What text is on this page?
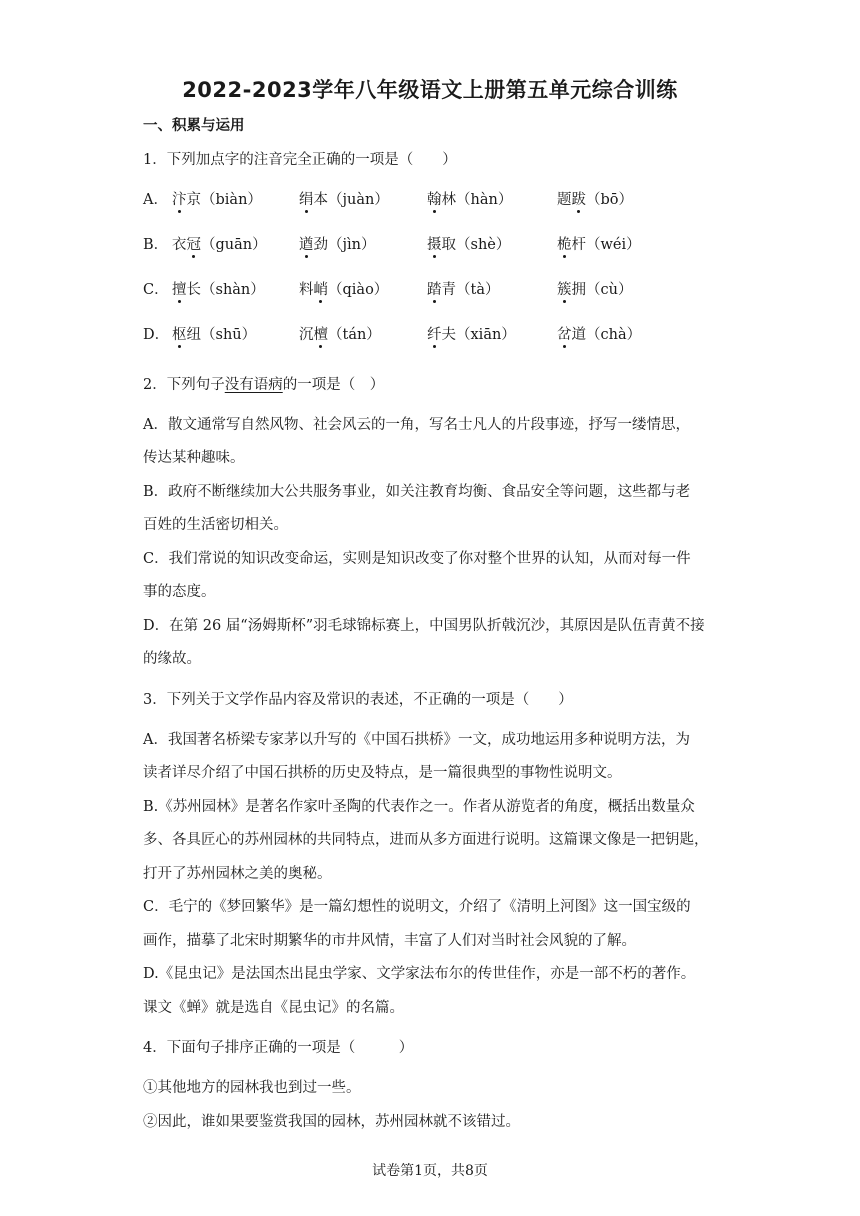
2022-2023学年八年级语文上册第五单元综合训练
一、积累与运用
1．下列加点字的注音完全正确的一项是（　　）
A． 汴京（biàn）	绢本（juàn）	翰林（hàn）	题跋（bō）
B． 衣冠（guān） 遒劲（jìn）	摄取（shè）	桅杆（wéi）
C． 擅长（shàn） 料峭（qiào）	踏青（tà）	簇拥（cù）
D． 枢纽（shū）	沉檀（tán）	纤夫（xiān）	岔道（chà）
2．下列句子没有语病的一项是（　）
A．散文通常写自然风物、社会风云的一角，写名士凡人的片段事迹，抒写一缕情思，
传达某种趣味。
B．政府不断继续加大公共服务事业，如关注教育均衡、食品安全等问题，这些都与老
百姓的生活密切相关。
C．我们常说的知识改变命运，实则是知识改变了你对整个世界的认知，从而对每一件
事的态度。
D．在第 26 届“汤姆斯杯”羽毛球锦标赛上，中国男队折戟沉沙，其原因是队伍青黄不接
的缘故。
3．下列关于文学作品内容及常识的表述，不正确的一项是（　　）
A．我国著名桥梁专家茅以升写的《中国石拱桥》一文，成功地运用多种说明方法，为
读者详尽介绍了中国石拱桥的历史及特点，是一篇很典型的事物性说明文。
B.《苏州园林》是著名作家叶圣陶的代表作之一。作者从游览者的角度，概括出数量众
多、各具匠心的苏州园林的共同特点，进而从多方面进行说明。这篇课文像是一把钥匙，
打开了苏州园林之美的奥秘。
C．毛宁的《梦回繁华》是一篇幻想性的说明文，介绍了《清明上河图》这一国宝级的
画作，描摹了北宋时期繁华的市井风情，丰富了人们对当时社会风貌的了解。
D.《昆虫记》是法国杰出昆虫学家、文学家法布尔的传世佳作，亦是一部不朽的著作。
课文《蝉》就是选自《昆虫记》的名篇。
4．下面句子排序正确的一项是（　　　）
①其他地方的园林我也到过一些。
②因此，谁如果要鉴赏我国的园林，苏州园林就不该错过。
试卷第1页，共8页
